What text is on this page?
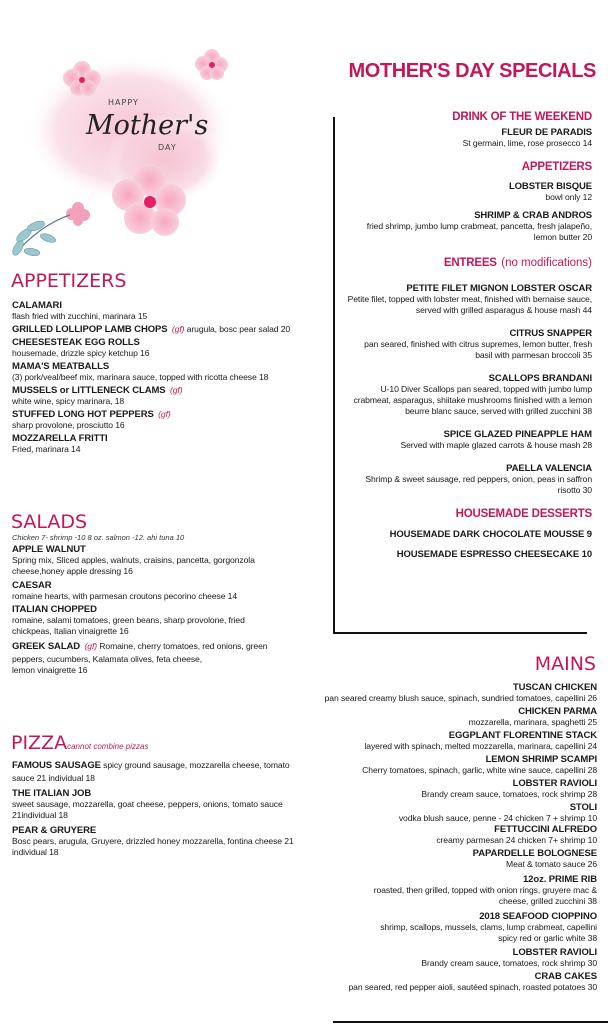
HAPPY
Mother's
DAY
MOTHER'S DAY SPECIALS
DRINK OF THE WEEKEND
FLEUR DE PARADIS
St germain, lime, rose prosecco 14
APPETIZERS
LOBSTER BISQUE
bowl only 12
SHRIMP & CRAB ANDROS
fried shrimp, jumbo lump crabmeat, pancetta, fresh jalapeño, lemon butter 20
ENTREES (no modifications)
PETITE FILET MIGNON LOBSTER OSCAR
Petite filet, topped with lobster meat, finished with bernaise sauce, served with grilled asparagus & house mash 44
CITRUS SNAPPER
pan seared, finished with citrus supremes, lemon butter, fresh basil with parmesan broccoli 35
SCALLOPS BRANDANI
U-10 Diver Scallops pan seared, topped with jumbo lump crabmeat, asparagus, shiitake mushrooms finished with a lemon beurre blanc sauce, served with grilled zucchini 38
SPICE GLAZED PINEAPPLE HAM
Served with maple glazed carrots & house mash 28
PAELLA VALENCIA
Shrimp & sweet sausage, red peppers, onion, peas in saffron risotto 30
HOUSEMADE DESSERTS
HOUSEMADE DARK CHOCOLATE MOUSSE 9
HOUSEMADE ESPRESSO CHEESECAKE 10
APPETIZERS
CALAMARI
flash fried with zucchini, marinara 15
GRILLED LOLLIPOP LAMB CHOPS (gf) arugula, bosc pear salad 20
CHEESESTEAK EGG ROLLS
housemade, drizzle spicy ketchup 16
MAMA'S MEATBALLS
(3) pork/veal/beef mix, marinara sauce, topped with ricotta cheese 18
MUSSELS or LITTLENECK CLAMS (gf)
white wine, spicy marinara, 18
STUFFED LONG HOT PEPPERS (gf)
sharp provolone, prosciutto 16
MOZZARELLA FRITTI
Fried, marinara 14
SALADS
Chicken 7- shrimp -10 8 oz. salmon -12. ahi tuna 10
APPLE WALNUT
Spring mix, Sliced apples, walnuts, craisins, pancetta, gorgonzola cheese,honey apple dressing 16
CAESAR
romaine hearts, with parmesan croutons pecorino cheese 14
ITALIAN CHOPPED
romaine, salami tomatoes, green beans, sharp provolone, fried chickpeas, Italian vinaigrette 16
GREEK SALAD (gf) Romaine, cherry tomatoes, red onions, green peppers, cucumbers, Kalamata olives, feta cheese,
lemon vinaigrette 16
PIZZAcannot combine pizzas
FAMOUS SAUSAGE spicy ground sausage, mozzarella cheese, tomato sauce 21 individual 18
THE ITALIAN JOB
sweet sausage, mozzarella, goat cheese, peppers, onions, tomato sauce 21individual 18
PEAR & GRUYERE
Bosc pears, arugula, Gruyere, drizzled honey mozzarella, fontina cheese 21 individual 18
MAINS
TUSCAN CHICKEN
pan seared creamy blush sauce, spinach, sundried tomatoes, capellini 26
CHICKEN PARMA
mozzarella, marinara, spaghetti 25
EGGPLANT FLORENTINE STACK
layered with spinach, melted mozzarella, marinara, capellini 24
LEMON SHRIMP SCAMPI
Cherry tomatoes, spinach, garlic, white wine sauce, capellini 28
LOBSTER RAVIOLI
Brandy cream sauce, tomatoes, rock shrimp 28
STOLI
vodka blush sauce, penne - 24 chicken 7 + shrimp 10
FETTUCCINI ALFREDO
creamy parmesan 24 chicken 7+ shrimp 10
PAPARDELLE BOLOGNESE
Meat & tomato sauce 26
12oz. PRIME RIB
roasted, then grilled, topped with onion rings, gruyere mac & cheese, grilled zucchini 38
2018 SEAFOOD CIOPPINO
shrimp, scallops, mussels, clams, lump crabmeat, capellini spicy red or garlic white 38
LOBSTER RAVIOLI
Brandy cream sauce, tomatoes, rock shrimp 30
CRAB CAKES
pan seared, red pepper aioli, sautéed spinach, roasted potatoes 30
